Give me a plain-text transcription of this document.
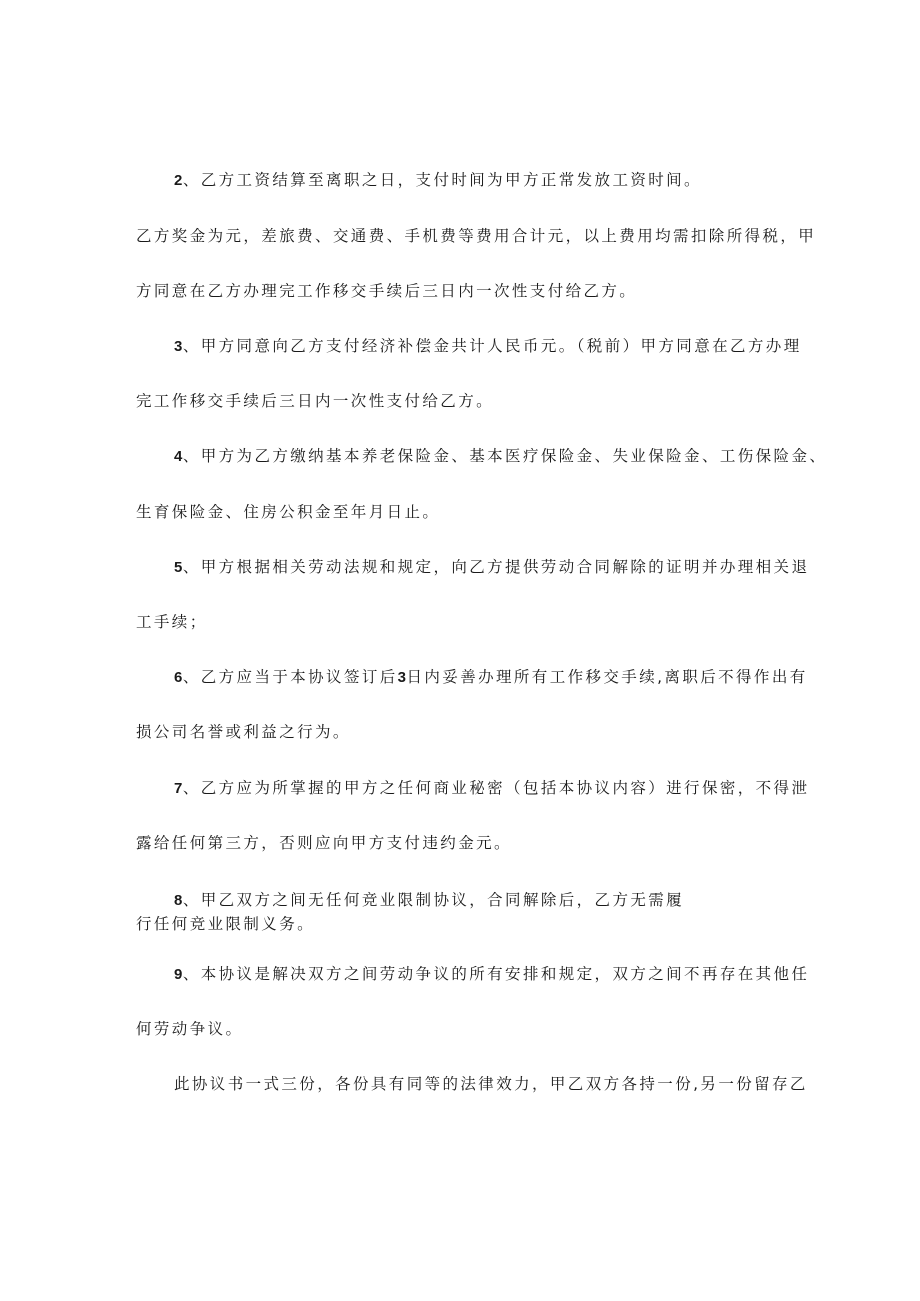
2、乙方工资结算至离职之日，支付时间为甲方正常发放工资时间。

乙方奖金为元，差旅费、交通费、手机费等费用合计元，以上费用均需扣除所得税，甲

方同意在乙方办理完工作移交手续后三日内一次性支付给乙方。

3、甲方同意向乙方支付经济补偿金共计人民币元。（税前）甲方同意在乙方办理

完工作移交手续后三日内一次性支付给乙方。

4、甲方为乙方缴纳基本养老保险金、基本医疗保险金、失业保险金、工伤保险金、

生育保险金、住房公积金至年月日止。

5、甲方根据相关劳动法规和规定，向乙方提供劳动合同解除的证明并办理相关退

工手续；

6、乙方应当于本协议签订后3日内妥善办理所有工作移交手续,离职后不得作出有

损公司名誉或利益之行为。

7、乙方应为所掌握的甲方之任何商业秘密（包括本协议内容）进行保密，不得泄

露给任何第三方，否则应向甲方支付违约金元。

8、甲乙双方之间无任何竞业限制协议，合同解除后，乙方无需履

行任何竞业限制义务。

9、本协议是解决双方之间劳动争议的所有安排和规定，双方之间不再存在其他任

何劳动争议。

此协议书一式三份，各份具有同等的法律效力，甲乙双方各持一份,另一份留存乙
